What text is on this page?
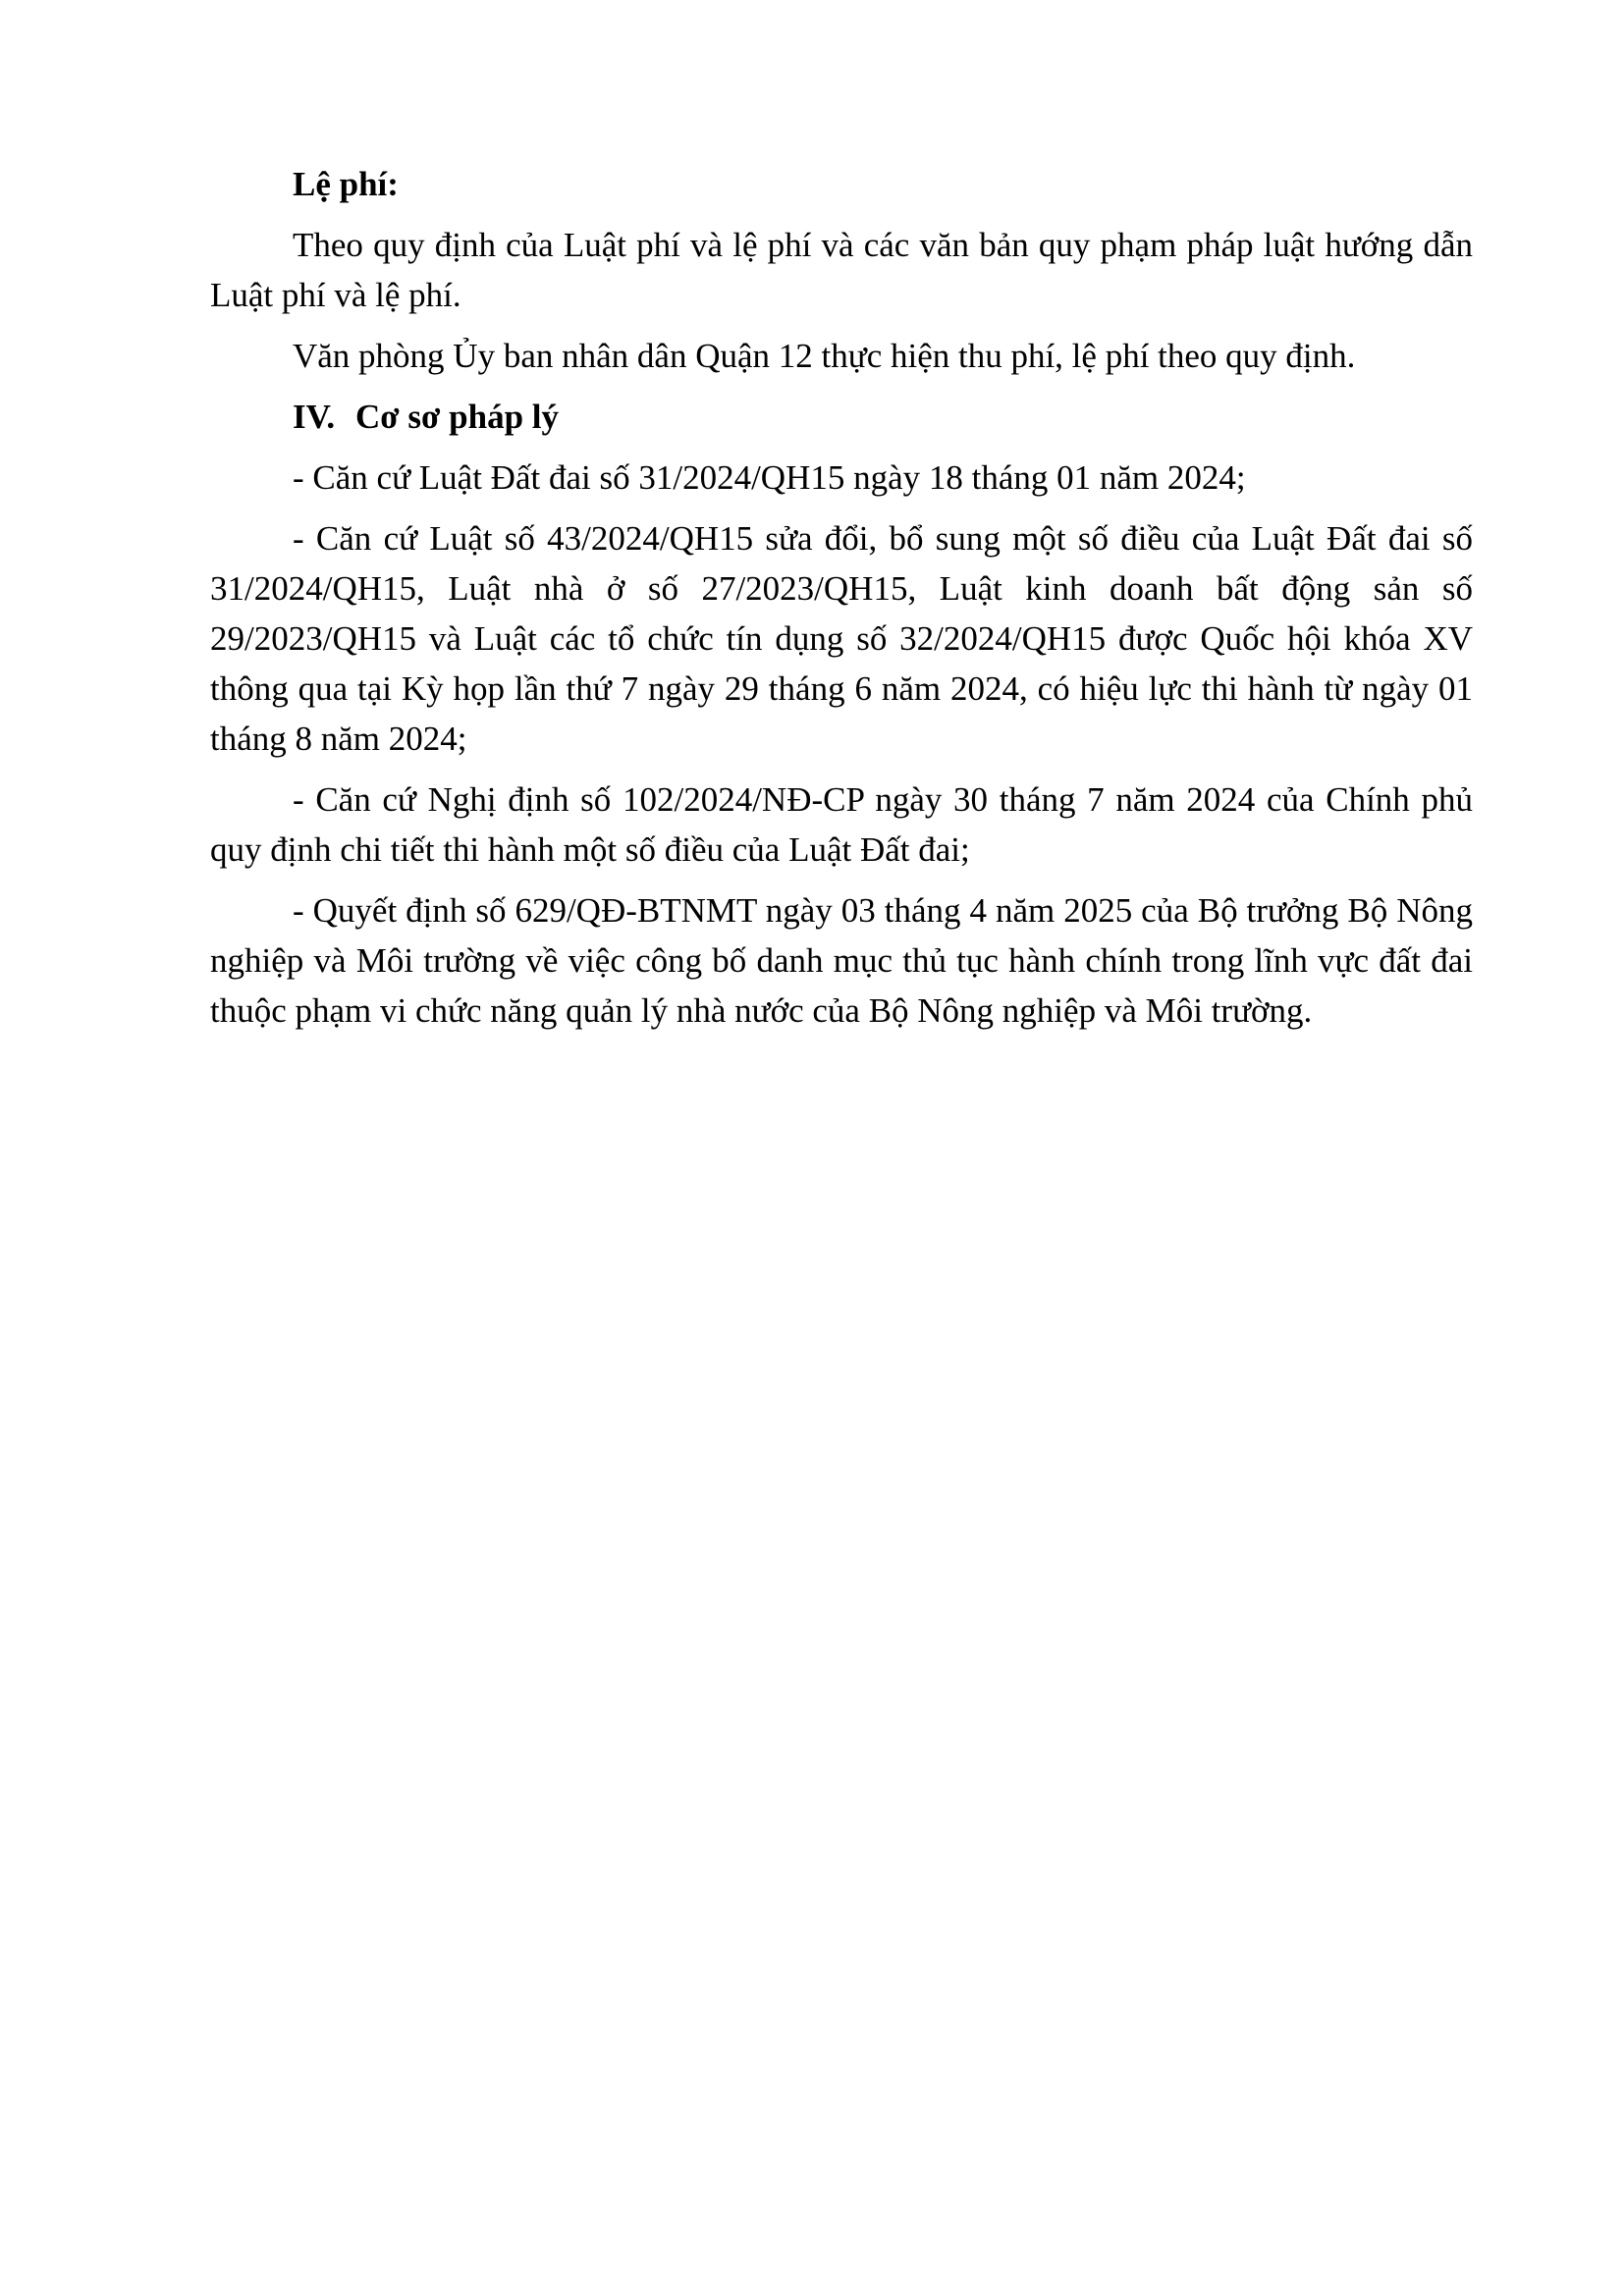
Lệ phí:

Theo quy định của Luật phí và lệ phí và các văn bản quy phạm pháp luật hướng dẫn Luật phí và lệ phí.

Văn phòng Ủy ban nhân dân Quận 12 thực hiện thu phí, lệ phí theo quy định.

IV. Cơ sơ pháp lý

- Căn cứ Luật Đất đai số 31/2024/QH15 ngày 18 tháng 01 năm 2024;

- Căn cứ Luật số 43/2024/QH15 sửa đổi, bổ sung một số điều của Luật Đất đai số 31/2024/QH15, Luật nhà ở số 27/2023/QH15, Luật kinh doanh bất động sản số 29/2023/QH15 và Luật các tổ chức tín dụng số 32/2024/QH15 được Quốc hội khóa XV thông qua tại Kỳ họp lần thứ 7 ngày 29 tháng 6 năm 2024, có hiệu lực thi hành từ ngày 01 tháng 8 năm 2024;

- Căn cứ Nghị định số 102/2024/NĐ-CP ngày 30 tháng 7 năm 2024 của Chính phủ quy định chi tiết thi hành một số điều của Luật Đất đai;

- Quyết định số 629/QĐ-BTNMT ngày 03 tháng 4 năm 2025 của Bộ trưởng Bộ Nông nghiệp và Môi trường về việc công bố danh mục thủ tục hành chính trong lĩnh vực đất đai thuộc phạm vi chức năng quản lý nhà nước của Bộ Nông nghiệp và Môi trường.
